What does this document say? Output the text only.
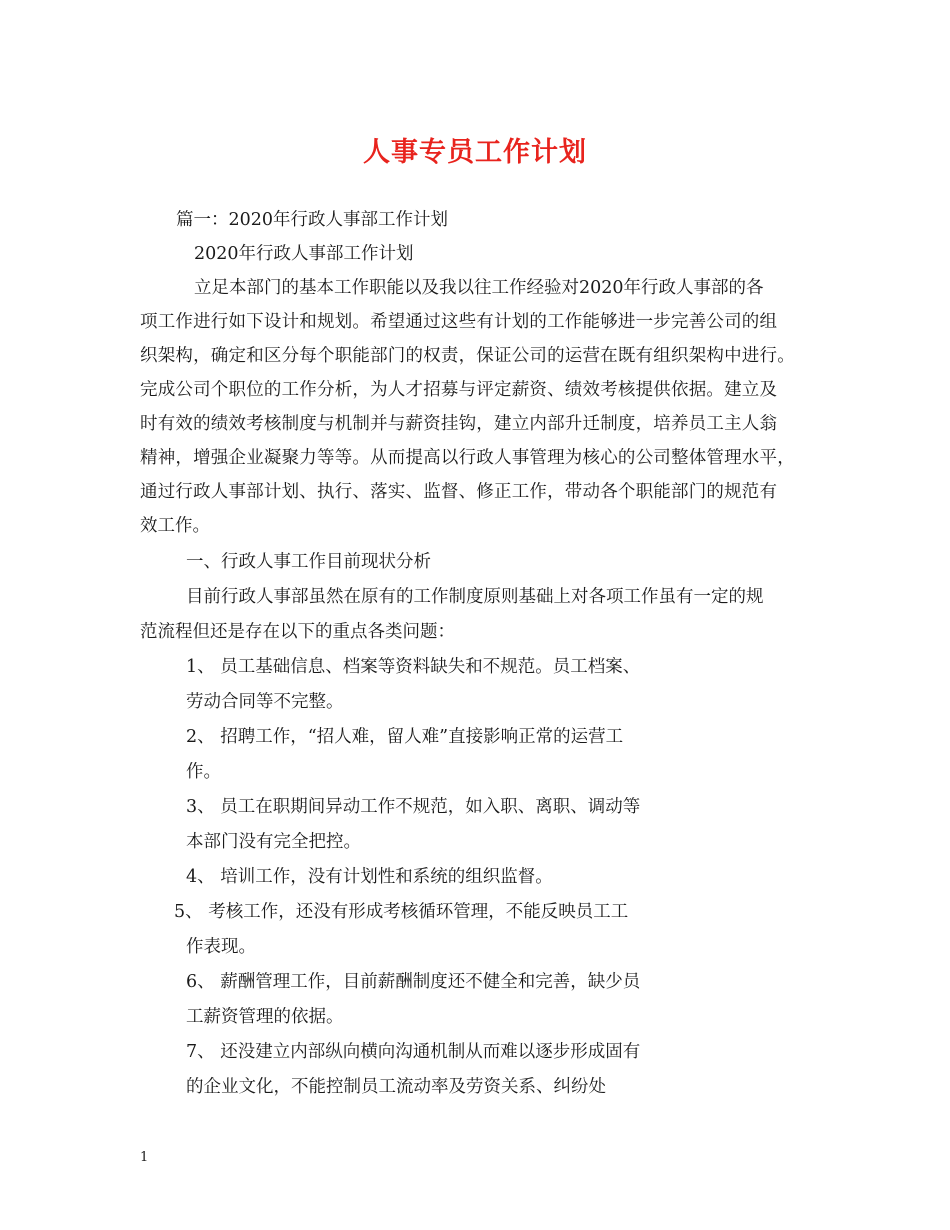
人事专员工作计划
篇一：2020年行政人事部工作计划
2020年行政人事部工作计划
立足本部门的基本工作职能以及我以往工作经验对2020年行政人事部的各
项工作进行如下设计和规划。希望通过这些有计划的工作能够进一步完善公司的组
织架构，确定和区分每个职能部门的权责，保证公司的运营在既有组织架构中进行。
完成公司个职位的工作分析，为人才招募与评定薪资、绩效考核提供依据。建立及
时有效的绩效考核制度与机制并与薪资挂钩，建立内部升迁制度，培养员工主人翁
精神，增强企业凝聚力等等。从而提高以行政人事管理为核心的公司整体管理水平，
通过行政人事部计划、执行、落实、监督、修正工作，带动各个职能部门的规范有
效工作。
一、行政人事工作目前现状分析
目前行政人事部虽然在原有的工作制度原则基础上对各项工作虽有一定的规
范流程但还是存在以下的重点各类问题：
1、 员工基础信息、档案等资料缺失和不规范。员工档案、
劳动合同等不完整。
2、 招聘工作，“招人难，留人难”直接影响正常的运营工
作。
3、 员工在职期间异动工作不规范，如入职、离职、调动等
本部门没有完全把控。
4、 培训工作，没有计划性和系统的组织监督。
5、 考核工作，还没有形成考核循环管理，不能反映员工工
作表现。
6、 薪酬管理工作，目前薪酬制度还不健全和完善，缺少员
工薪资管理的依据。
7、 还没建立内部纵向横向沟通机制从而难以逐步形成固有
的企业文化，不能控制员工流动率及劳资关系、纠纷处
1
